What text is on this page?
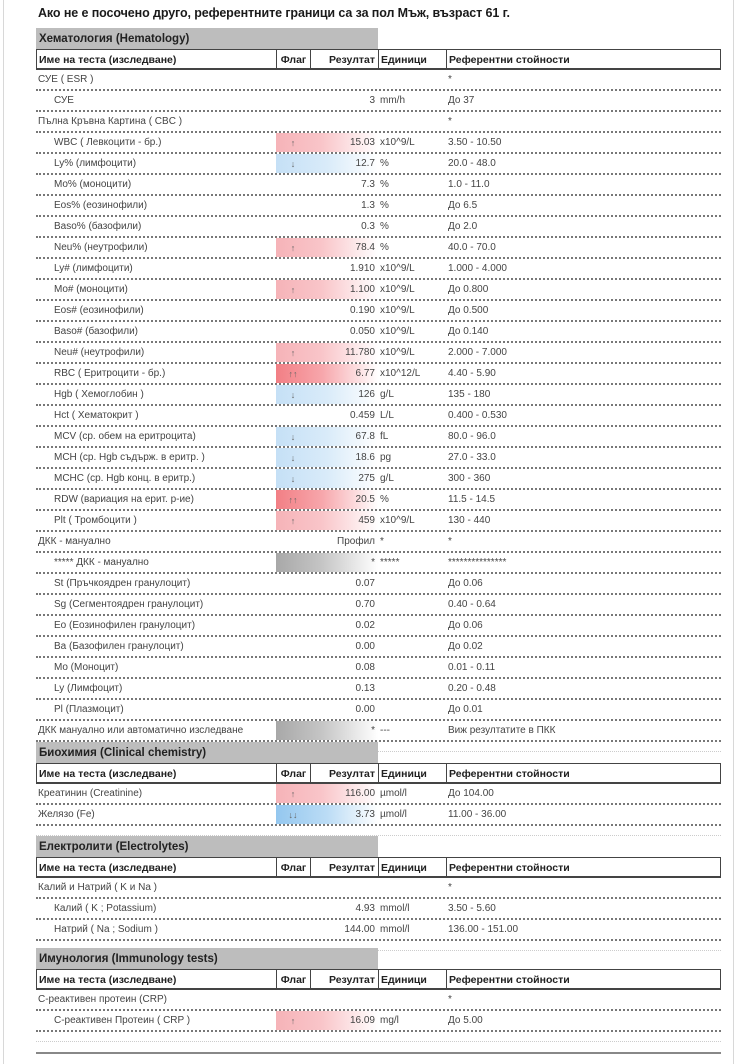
Ако не е посочено друго, референтните граници са за пол Мъж, възраст 61 г.
Хематология (Hematology)
Име на теста (изследване)	Флаг	Резултат Единици	Референтни стойности
СУЕ ( ESR )	*
СУЕ	3 mm/h	До 37
Пълна Кръвна Картина ( CBC )	*
WBC ( Левкоцити - бр.)	↑	15.03 x10^9/L	3.50 - 10.50
Ly% (лимфоцити)	↓	12.7 %	20.0 - 48.0
Mo% (моноцити)	7.3 %	1.0 - 11.0
Eos% (еозинофили)	1.3 %	До 6.5
Baso% (базофили)	0.3 %	До 2.0
Neu% (неутрофили)	↑	78.4 %	40.0 - 70.0
Ly# (лимфоцити)	1.910 x10^9/L	1.000 - 4.000
Mo# (моноцити)	↑	1.100 x10^9/L	До 0.800
Eos# (еозинофили)	0.190 x10^9/L	До 0.500
Baso# (базофили)	0.050 x10^9/L	До 0.140
Neu# (неутрофили)	↑	11.780 x10^9/L	2.000 - 7.000
RBC ( Еритроцити - бр.)	↑↑	6.77 x10^12/L	4.40 - 5.90
Hgb ( Хемоглобин )	↓	126 g/L	135 - 180
Hct ( Хематокрит )	0.459 L/L	0.400 - 0.530
MCV (ср. обем на еритроцита)	↓	67.8 fL	80.0 - 96.0
MCH (ср. Hgb съдърж. в еритр. )	↓	18.6 pg	27.0 - 33.0
MCHC (ср. Hgb конц. в еритр.)	↓	275 g/L	300 - 360
RDW (вариация на ерит. р-ие)	↑↑	20.5 %	11.5 - 14.5
Plt ( Тромбоцити )	↑	459 x10^9/L	130 - 440
ДКК - мануално	Профил *	*
***** ДКК - мануално	* *****	***************
St (Пръчкоядрен гранулоцит)	0.07	До 0.06
Sg (Сегментоядрен гранулоцит)	0.70	0.40 - 0.64
Eo (Еозинофилен гранулоцит)	0.02	До 0.06
Ba (Базофилен гранулоцит)	0.00	До 0.02
Mo (Моноцит)	0.08	0.01 - 0.11
Ly (Лимфоцит)	0.13	0.20 - 0.48
Pl (Плазмоцит)	0.00	До 0.01
ДКК мануално или автоматично изследване	* ---	Виж резултатите в ПКК
Биохимия (Clinical chemistry)
Име на теста (изследване)	Флаг	Резултат Единици	Референтни стойности
Креатинин (Creatinine)	↑	116.00 µmol/l	До 104.00
Желязо (Fe)	↓↓	3.73 µmol/l	11.00 - 36.00
Електролити (Electrolytes)
Име на теста (изследване)	Флаг	Резултат Единици	Референтни стойности
Калий и Натрий ( K и Na )	*
Калий ( K ; Potassium)	4.93 mmol/l	3.50 - 5.60
Натрий ( Na ; Sodium )	144.00 mmol/l	136.00 - 151.00
Имунология (Immunology tests)
Име на теста (изследване)	Флаг	Резултат Единици	Референтни стойности
С-реактивен протеин (CRP)	*
С-реактивен Протеин ( CRP )	↑	16.09 mg/l	До 5.00
